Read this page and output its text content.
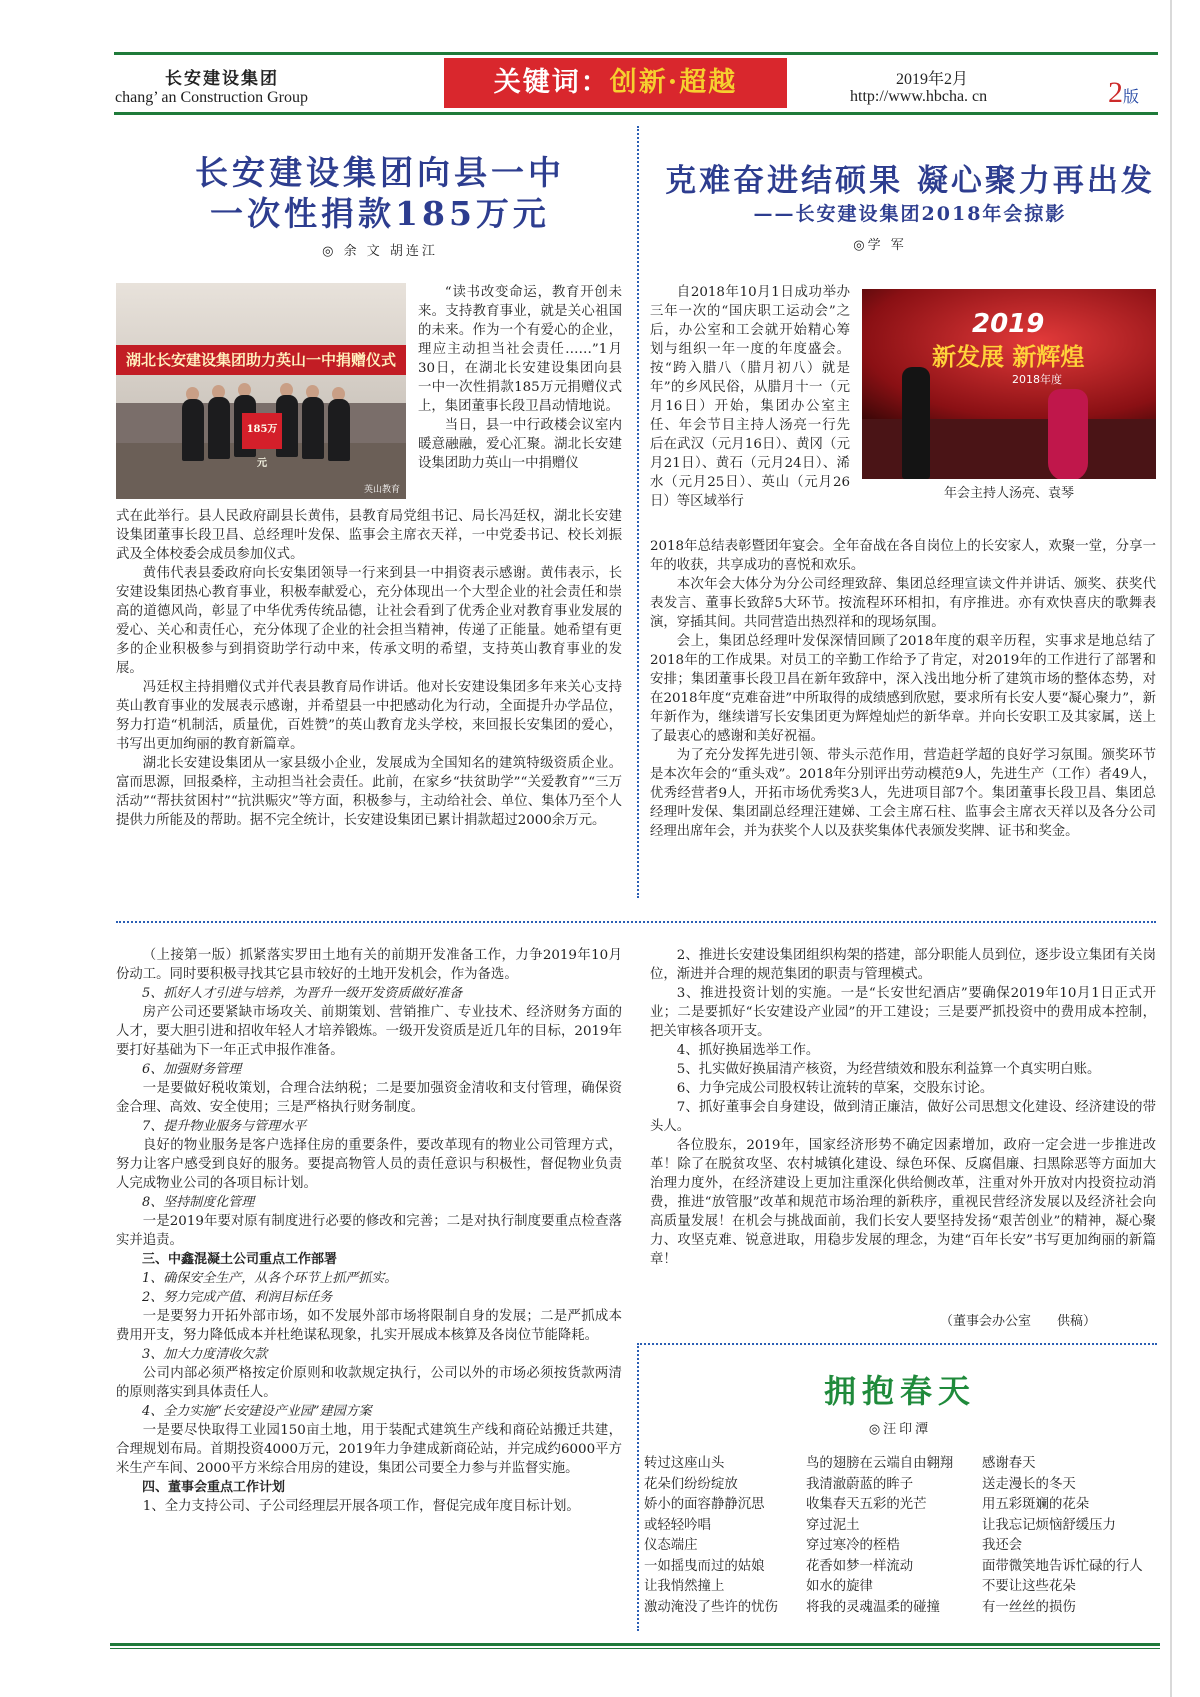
长安建设集团
chang’ an Construction Group	关键词：创新·超越	2019年2月
http://www.hbcha. cn	2版
长安建设集团向县一中
一次性捐款185万元
◎ 余 文 胡连江
湖北长安建设集团助力英山一中捐赠仪式
185万元
英山教育

“读书改变命运，教育开创未来。支持教育事业，就是关心祖国的未来。作为一个有爱心的企业，理应主动担当社会责任……”1月30日，在湖北长安建设集团向县一中一次性捐款185万元捐赠仪式上，集团董事长段卫昌动情地说。

当日，县一中行政楼会议室内暖意融融，爱心汇聚。湖北长安建设集团助力英山一中捐赠仪

式在此举行。县人民政府副县长黄伟，县教育局党组书记、局长冯廷权，湖北长安建设集团董事长段卫昌、总经理叶发保、监事会主席衣天祥，一中党委书记、校长刘振武及全体校委会成员参加仪式。

黄伟代表县委政府向长安集团领导一行来到县一中捐资表示感谢。黄伟表示，长安建设集团热心教育事业，积极奉献爱心，充分体现出一个大型企业的社会责任和崇高的道德风尚，彰显了中华优秀传统品德，让社会看到了优秀企业对教育事业发展的爱心、关心和责任心，充分体现了企业的社会担当精神，传递了正能量。她希望有更多的企业积极参与到捐资助学行动中来，传承文明的希望，支持英山教育事业的发展。

冯廷权主持捐赠仪式并代表县教育局作讲话。他对长安建设集团多年来关心支持英山教育事业的发展表示感谢，并希望县一中把感动化为行动，全面提升办学品位，努力打造“机制活，质量优，百姓赞”的英山教育龙头学校，来回报长安集团的爱心，书写出更加绚丽的教育新篇章。

湖北长安建设集团从一家县级小企业，发展成为全国知名的建筑特级资质企业。富而思源，回报桑梓，主动担当社会责任。此前，在家乡“扶贫助学”“关爱教育”“三万活动”“帮扶贫困村”“抗洪赈灾”等方面，积极参与，主动给社会、单位、集体乃至个人提供力所能及的帮助。据不完全统计，长安建设集团已累计捐款超过2000余万元。

克难奋进结硕果 凝心聚力再出发
——长安建设集团2018年会掠影
◎学 军
2019
新发展 新辉煌
2018年度
年会主持人汤亮、袁琴

自2018年10月1日成功举办三年一次的“国庆职工运动会”之后，办公室和工会就开始精心筹划与组织一年一度的年度盛会。按“跨入腊八（腊月初八）就是年”的乡风民俗，从腊月十一（元月16日）开始，集团办公室主任、年会节目主持人汤亮一行先后在武汉（元月16日）、黄冈（元月21日）、黄石（元月24日）、浠水（元月25日）、英山（元月26日）等区域举行

2018年总结表彰暨团年宴会。全年奋战在各自岗位上的长安家人，欢聚一堂，分享一年的收获，共享成功的喜悦和欢乐。

本次年会大体分为分公司经理致辞、集团总经理宣读文件并讲话、颁奖、获奖代表发言、董事长致辞5大环节。按流程环环相扣，有序推进。亦有欢快喜庆的歌舞表演，穿插其间。共同营造出热烈祥和的现场氛围。

会上，集团总经理叶发保深情回顾了2018年度的艰辛历程，实事求是地总结了2018年的工作成果。对员工的辛勤工作给予了肯定，对2019年的工作进行了部署和安排；集团董事长段卫昌在新年致辞中，深入浅出地分析了建筑市场的整体态势，对在2018年度“克难奋进”中所取得的成绩感到欣慰，要求所有长安人要“凝心聚力”，新年新作为，继续谱写长安集团更为辉煌灿烂的新华章。并向长安职工及其家属，送上了最衷心的感谢和美好祝福。

为了充分发挥先进引领、带头示范作用，营造赶学超的良好学习氛围。颁奖环节是本次年会的“重头戏”。2018年分别评出劳动模范9人，先进生产（工作）者49人，优秀经营者9人，开拓市场优秀奖3人，先进项目部7个。集团董事长段卫昌、集团总经理叶发保、集团副总经理汪建娣、工会主席石柱、监事会主席衣天祥以及各分公司经理出席年会，并为获奖个人以及获奖集体代表颁发奖牌、证书和奖金。

（上接第一版）抓紧落实罗田土地有关的前期开发准备工作，力争2019年10月份动工。同时要积极寻找其它县市较好的土地开发机会，作为备选。

5、抓好人才引进与培养，为晋升一级开发资质做好准备

房产公司还要紧缺市场攻关、前期策划、营销推广、专业技术、经济财务方面的人才，要大胆引进和招收年轻人才培养锻炼。一级开发资质是近几年的目标，2019年要打好基础为下一年正式申报作准备。

6、加强财务管理

一是要做好税收策划，合理合法纳税；二是要加强资金清收和支付管理，确保资金合理、高效、安全使用；三是严格执行财务制度。

7、提升物业服务与管理水平

良好的物业服务是客户选择住房的重要条件，要改革现有的物业公司管理方式，努力让客户感受到良好的服务。要提高物管人员的责任意识与积极性，督促物业负责人完成物业公司的各项目标计划。

8、坚持制度化管理

一是2019年要对原有制度进行必要的修改和完善；二是对执行制度要重点检查落实并追责。

三、中鑫混凝土公司重点工作部署
1、确保安全生产，从各个环节上抓严抓实。
2、努力完成产值、利润目标任务

一是要努力开拓外部市场，如不发展外部市场将限制自身的发展；二是严抓成本费用开支，努力降低成本并杜绝谋私现象，扎实开展成本核算及各岗位节能降耗。

3、加大力度清收欠款

公司内部必须严格按定价原则和收款规定执行，公司以外的市场必须按货款两清的原则落实到具体责任人。

4、全力实施“长安建设产业园”建园方案

一是要尽快取得工业园150亩土地，用于装配式建筑生产线和商砼站搬迁共建，合理规划布局。首期投资4000万元，2019年力争建成新商砼站，并完成约6000平方米生产车间、2000平方米综合用房的建设，集团公司要全力参与并监督实施。

四、董事会重点工作计划

1、全力支持公司、子公司经理层开展各项工作，督促完成年度目标计划。

2、推进长安建设集团组织构架的搭建，部分职能人员到位，逐步设立集团有关岗位，渐进并合理的规范集团的职责与管理模式。

3、推进投资计划的实施。一是“长安世纪酒店”要确保2019年10月1日正式开业；二是要抓好“长安建设产业园”的开工建设；三是要严抓投资中的费用成本控制，把关审核各项开支。

4、抓好换届选举工作。

5、扎实做好换届清产核资，为经营绩效和股东利益算一个真实明白账。

6、力争完成公司股权转让流转的草案，交股东讨论。

7、抓好董事会自身建设，做到清正廉洁，做好公司思想文化建设、经济建设的带头人。

各位股东，2019年，国家经济形势不确定因素增加，政府一定会进一步推进改革！除了在脱贫攻坚、农村城镇化建设、绿色环保、反腐倡廉、扫黑除恶等方面加大治理力度外，在经济建设上更加注重深化供给侧改革，注重对外开放对内投资拉动消费，推进“放管服”改革和规范市场治理的新秩序，重视民营经济发展以及经济社会向高质量发展！在机会与挑战面前，我们长安人要坚持发扬“艰苦创业”的精神，凝心聚力、攻坚克难、锐意进取，用稳步发展的理念，为建“百年长安”书写更加绚丽的新篇章！

（董事会办公室　　供稿）
拥抱春天
◎汪印潭
转过这座山头
花朵们纷纷绽放
娇小的面容静静沉思
或轻轻吟唱
仪态端庄
一如摇曳而过的姑娘
让我悄然撞上
激动淹没了些许的忧伤
鸟的翅膀在云端自由翱翔
我清澈蔚蓝的眸子
收集春天五彩的光芒
穿过泥土
穿过寒冷的桎梏
花香如梦一样流动
如水的旋律
将我的灵魂温柔的碰撞
感谢春天
送走漫长的冬天
用五彩斑斓的花朵
让我忘记烦恼舒缓压力
我还会
面带微笑地告诉忙碌的行人
不要让这些花朵
有一丝丝的损伤
